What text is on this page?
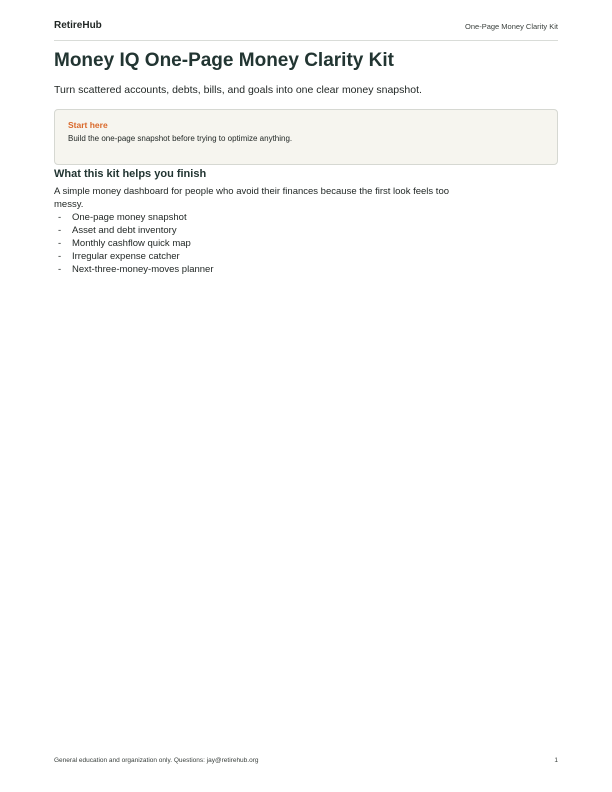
RetireHub	One-Page Money Clarity Kit
Money IQ One-Page Money Clarity Kit
Turn scattered accounts, debts, bills, and goals into one clear money snapshot.
Start here
Build the one-page snapshot before trying to optimize anything.
What this kit helps you finish
A simple money dashboard for people who avoid their finances because the first look feels too messy.
- One-page money snapshot
- Asset and debt inventory
- Monthly cashflow quick map
- Irregular expense catcher
- Next-three-money-moves planner
General education and organization only. Questions: jay@retirehub.org	1
